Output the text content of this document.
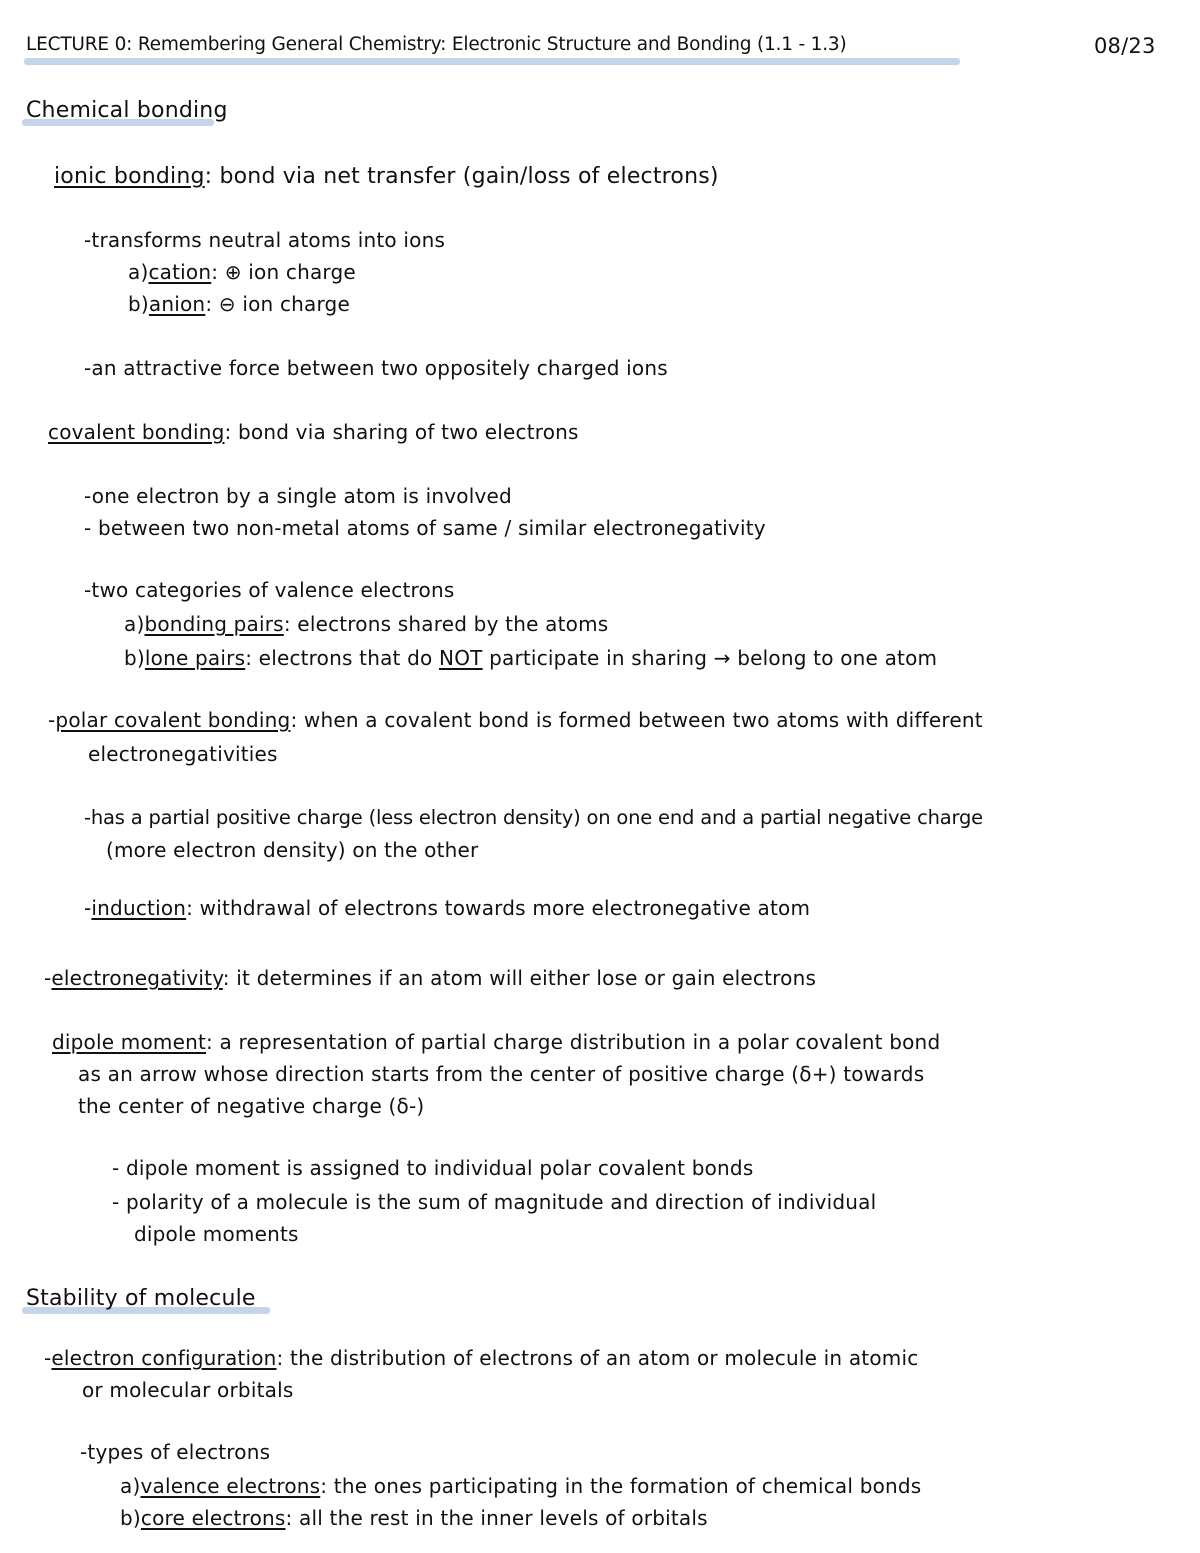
LECTURE 0: Remembering General Chemistry: Electronic Structure and Bonding (1.1 - 1.3)	08/23
Chemical bonding
ionic bonding: bond via net transfer (gain/loss of electrons)
-transforms neutral atoms into ions
a)cation: ⊕ ion charge
b)anion: ⊖ ion charge
-an attractive force between two oppositely charged ions
covalent bonding: bond via sharing of two electrons
-one electron by a single atom is involved
- between two non-metal atoms of same / similar electronegativity
-two categories of valence electrons
a)bonding pairs: electrons shared by the atoms
b)lone pairs: electrons that do NOT participate in sharing → belong to one atom
-polar covalent bonding: when a covalent bond is formed between two atoms with different
electronegativities
-has a partial positive charge (less electron density) on one end and a partial negative charge
(more electron density) on the other
-induction: withdrawal of electrons towards more electronegative atom
-electronegativity: it determines if an atom will either lose or gain electrons
dipole moment: a representation of partial charge distribution in a polar covalent bond
as an arrow whose direction starts from the center of positive charge (δ+) towards
the center of negative charge (δ-)
- dipole moment is assigned to individual polar covalent bonds
- polarity of a molecule is the sum of magnitude and direction of individual
dipole moments
Stability of molecule
-electron configuration: the distribution of electrons of an atom or molecule in atomic
or molecular orbitals
-types of electrons
a)valence electrons: the ones participating in the formation of chemical bonds
b)core electrons: all the rest in the inner levels of orbitals
